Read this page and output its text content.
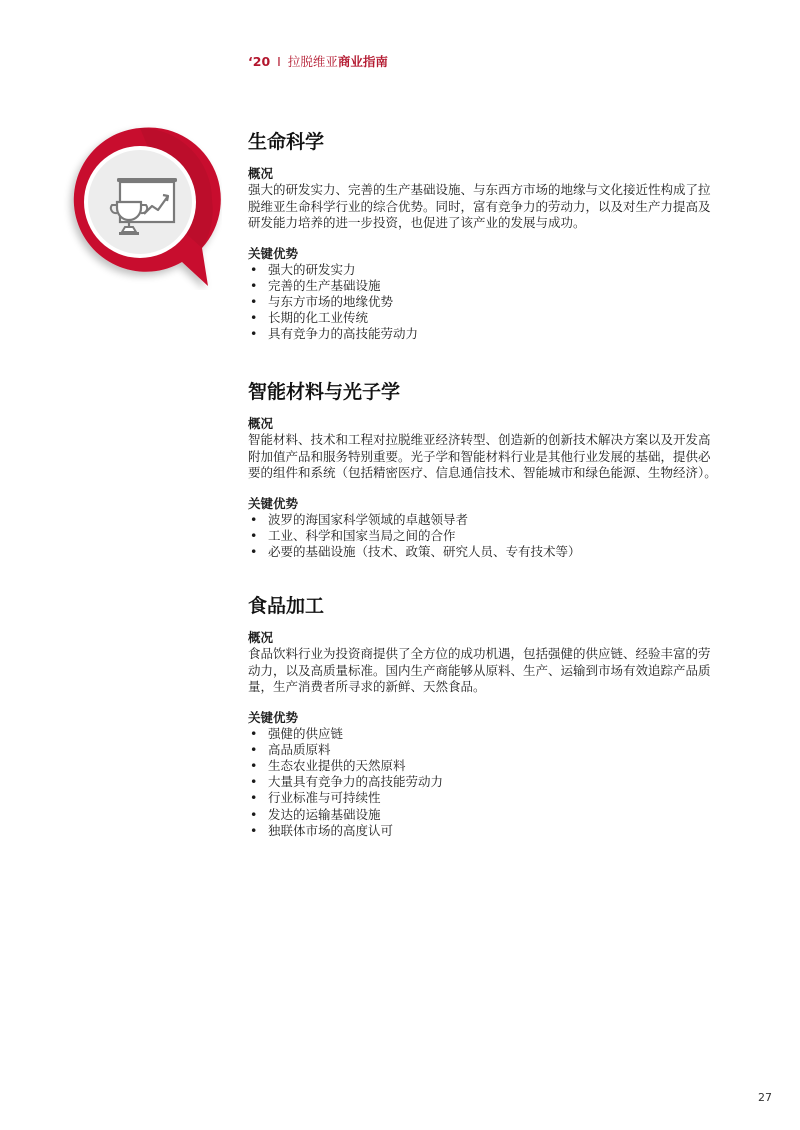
‘20 I 拉脱维亚商业指南
生命科学
概况

强大的研发实力、完善的生产基础设施、与东西方市场的地缘与文化接近性构成了拉

脱维亚生命科学行业的综合优势。同时，富有竞争力的劳动力，以及对生产力提高及

研发能力培养的进一步投资，也促进了该产业的发展与成功。

关键优势
• 强大的研发实力
• 完善的生产基础设施
• 与东方市场的地缘优势
• 长期的化工业传统
• 具有竞争力的高技能劳动力
智能材料与光子学
概况

智能材料、技术和工程对拉脱维亚经济转型、创造新的创新技术解决方案以及开发高

附加值产品和服务特别重要。光子学和智能材料行业是其他行业发展的基础，提供必

要的组件和系统（包括精密医疗、信息通信技术、智能城市和绿色能源、生物经济）。

关键优势
• 波罗的海国家科学领域的卓越领导者
• 工业、科学和国家当局之间的合作
• 必要的基础设施（技术、政策、研究人员、专有技术等）
食品加工
概况

食品饮料行业为投资商提供了全方位的成功机遇，包括强健的供应链、经验丰富的劳

动力，以及高质量标准。国内生产商能够从原料、生产、运输到市场有效追踪产品质

量，生产消费者所寻求的新鲜、天然食品。

关键优势
• 强健的供应链
• 高品质原料
• 生态农业提供的天然原料
• 大量具有竞争力的高技能劳动力
• 行业标准与可持续性
• 发达的运输基础设施
• 独联体市场的高度认可
27
